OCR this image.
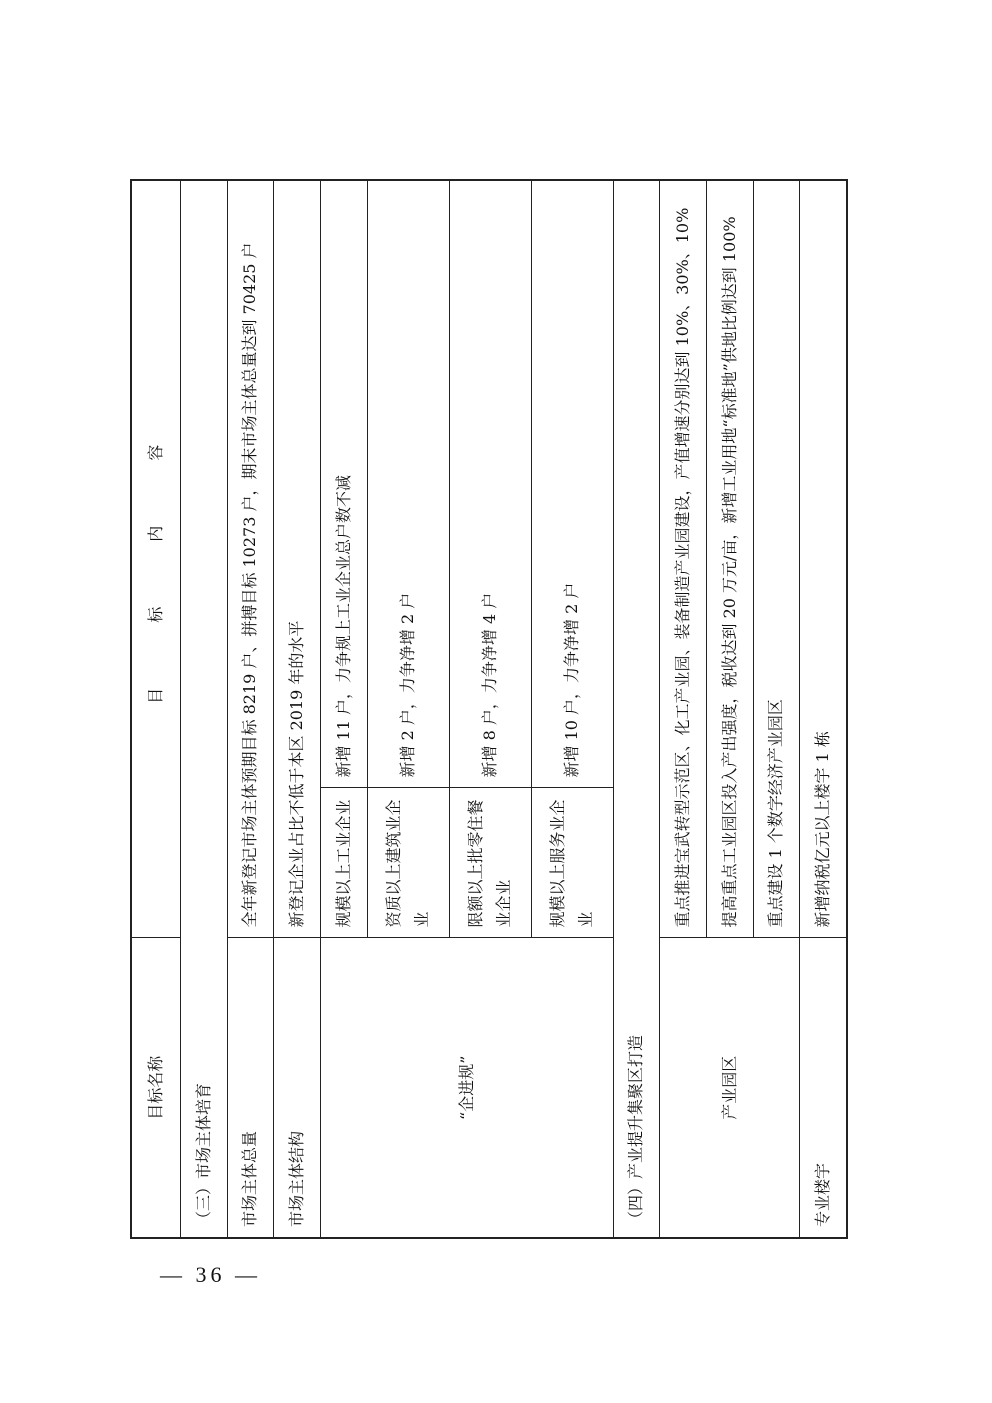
目标名称	目 标 内 容	
（三）市场主体培育		
市场主体总量	全年新登记市场主体预期目标 8219 户、拼搏目标 10273 户，期末市场主体总量达到 70425 户	
市场主体结构	新登记企业占比不低于本区 2019 年的水平	
“企进规”	规模以上工业企业	新增 11 户，力争规上工业企业总户数不减
	资质以上建筑业企业	新增 2 户，力争净增 2 户
	限额以上批零住餐业企业	新增 8 户，力争净增 4 户
	规模以上服务业企业	新增 10 户，力争净增 2 户
（四）产业提升集聚区打造		
产业园区	重点推进宝武转型示范区、化工产业园、装备制造产业园建设，产值增速分别达到 10%、30%、10%	
	提高重点工业园区投入产出强度，税收达到 20 万元/亩，新增工业用地“标准地”供地比例达到 100%	
	重点建设 1 个数字经济产业园区	
专业楼宇	新增纳税亿元以上楼宇 1 栋	
— 36 —
